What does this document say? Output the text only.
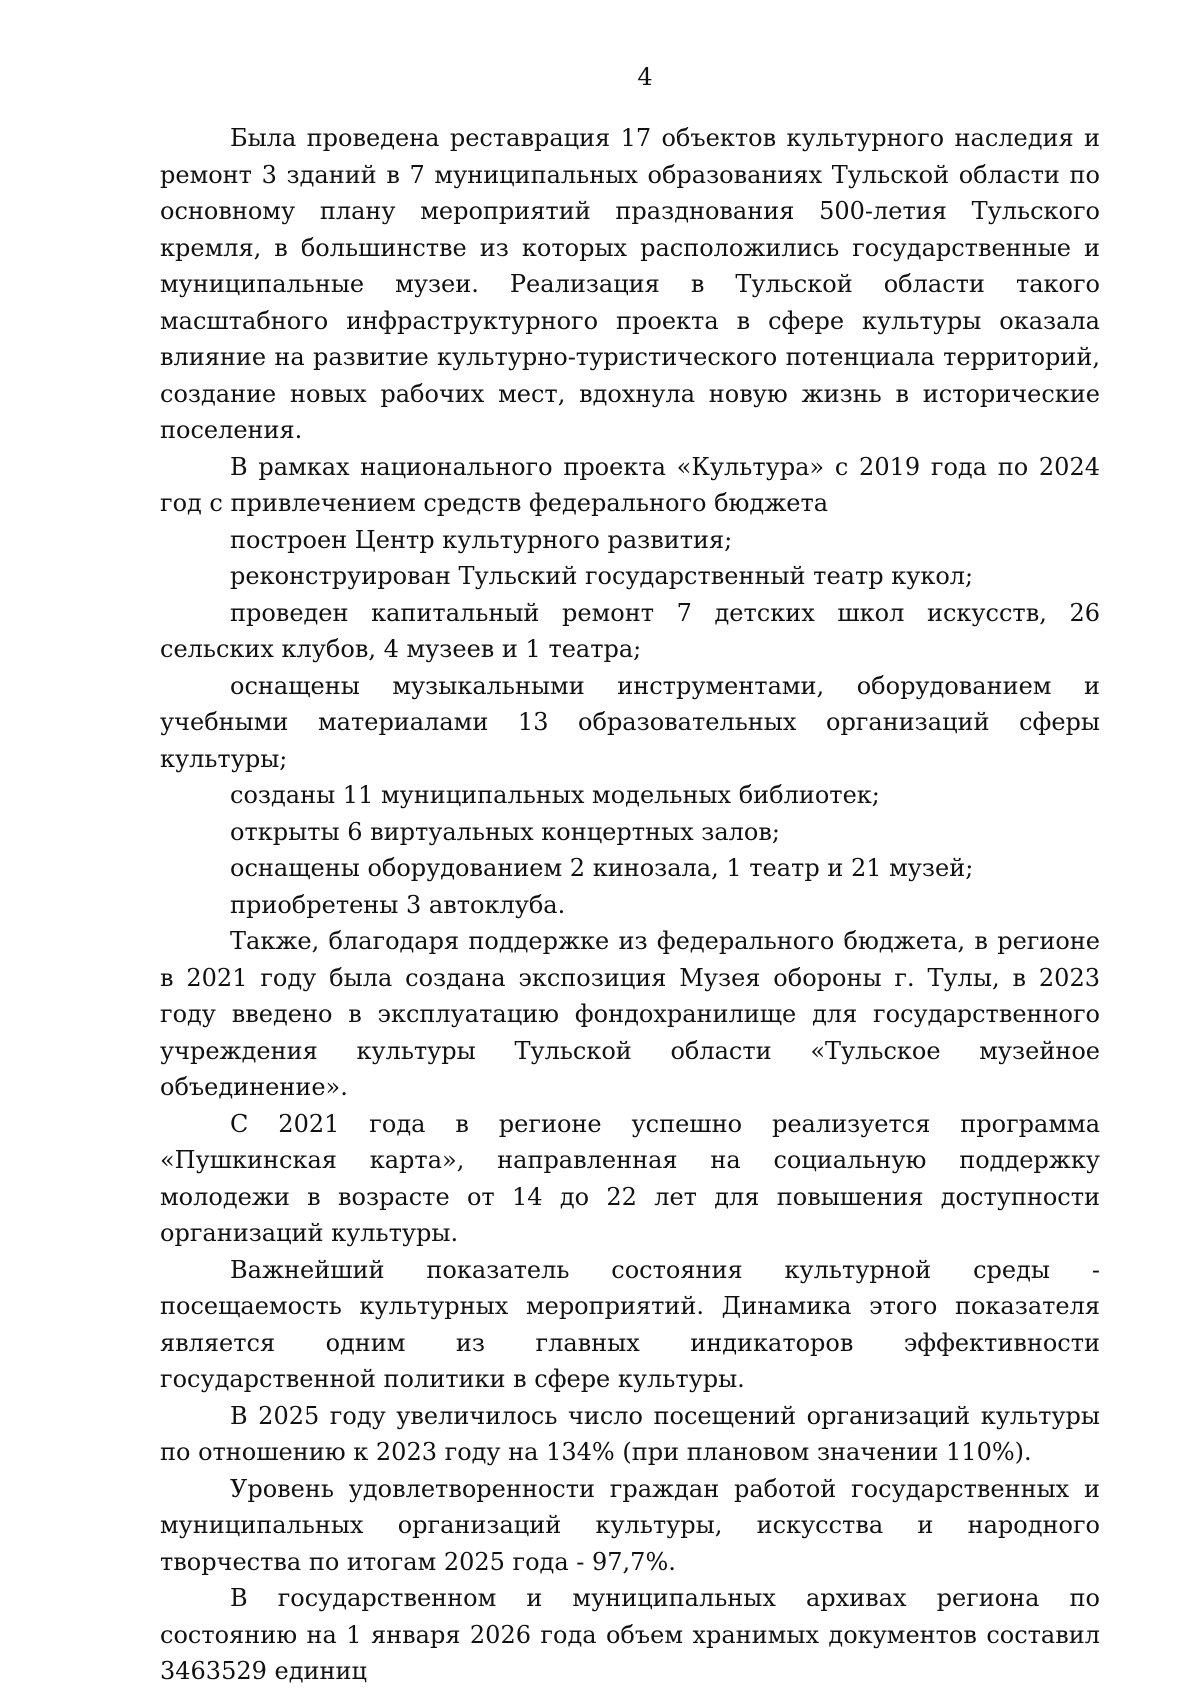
4

Была проведена реставрация 17 объектов культурного наследия и ремонт 3 зданий в 7 муниципальных образованиях Тульской области по основному плану мероприятий празднования 500-летия Тульского кремля, в большинстве из которых расположились государственные и муниципальные музеи. Реализация в Тульской области такого масштабного инфраструктурного проекта в сфере культуры оказала влияние на развитие культурно-туристического потенциала территорий, создание новых рабочих мест, вдохнула новую жизнь в исторические поселения.

В рамках национального проекта «Культура» с 2019 года по 2024 год с привлечением средств федерального бюджета

построен Центр культурного развития;

реконструирован Тульский государственный театр кукол;

проведен капитальный ремонт 7 детских школ искусств, 26 сельских клубов, 4 музеев и 1 театра;

оснащены музыкальными инструментами, оборудованием и учебными материалами 13 образовательных организаций сферы культуры;

созданы 11 муниципальных модельных библиотек;

открыты 6 виртуальных концертных залов;

оснащены оборудованием 2 кинозала, 1 театр и 21 музей;

приобретены 3 автоклуба.

Также, благодаря поддержке из федерального бюджета, в регионе в 2021 году была создана экспозиция Музея обороны г. Тулы, в 2023 году введено в эксплуатацию фондохранилище для государственного учреждения культуры Тульской области «Тульское музейное объединение».

С 2021 года в регионе успешно реализуется программа «Пушкинская карта», направленная на социальную поддержку молодежи в возрасте от 14 до 22 лет для повышения доступности организаций культуры.

Важнейший показатель состояния культурной среды - посещаемость культурных мероприятий. Динамика этого показателя является одним из главных индикаторов эффективности государственной политики в сфере культуры.

В 2025 году увеличилось число посещений организаций культуры по отношению к 2023 году на 134% (при плановом значении 110%).

Уровень удовлетворенности граждан работой государственных и муниципальных организаций культуры, искусства и народного творчества по итогам 2025 года - 97,7%.

В государственном и муниципальных архивах региона по состоянию на 1 января 2026 года объем хранимых документов составил 3463529 единиц
